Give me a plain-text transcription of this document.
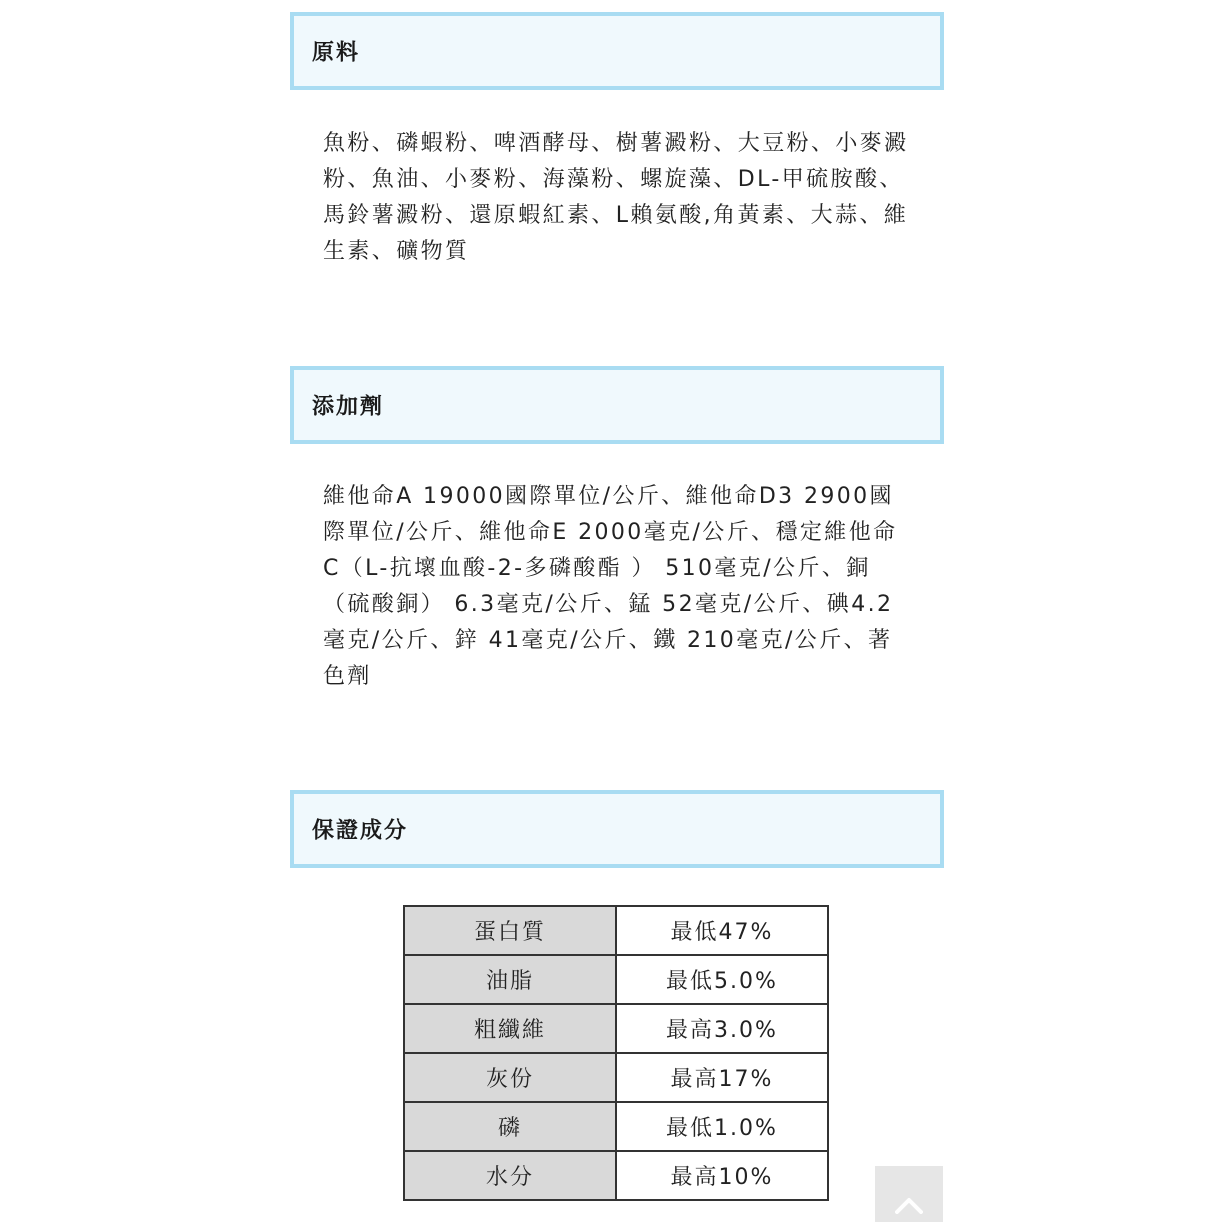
原料

魚粉、磷蝦粉、啤酒酵母、樹薯澱粉、大豆粉、小麥澱粉、魚油、小麥粉、海藻粉、螺旋藻、DL-甲硫胺酸、馬鈴薯澱粉、還原蝦紅素、L賴氨酸,角黃素、大蒜、維生素、礦物質

添加劑

維他命A 19000國際單位/公斤、維他命D3 2900國際單位/公斤、維他命E 2000毫克/公斤、穩定維他命C（L-抗壞血酸-2-多磷酸酯 ） 510毫克/公斤、銅（硫酸銅） 6.3毫克/公斤、錳 52毫克/公斤、碘4.2毫克/公斤、鋅 41毫克/公斤、鐵 210毫克/公斤、著色劑

保證成分
蛋白質	最低47%
油脂	最低5.0%
粗纖維	最高3.0%
灰份	最高17%
磷	最低1.0%
水分	最高10%
